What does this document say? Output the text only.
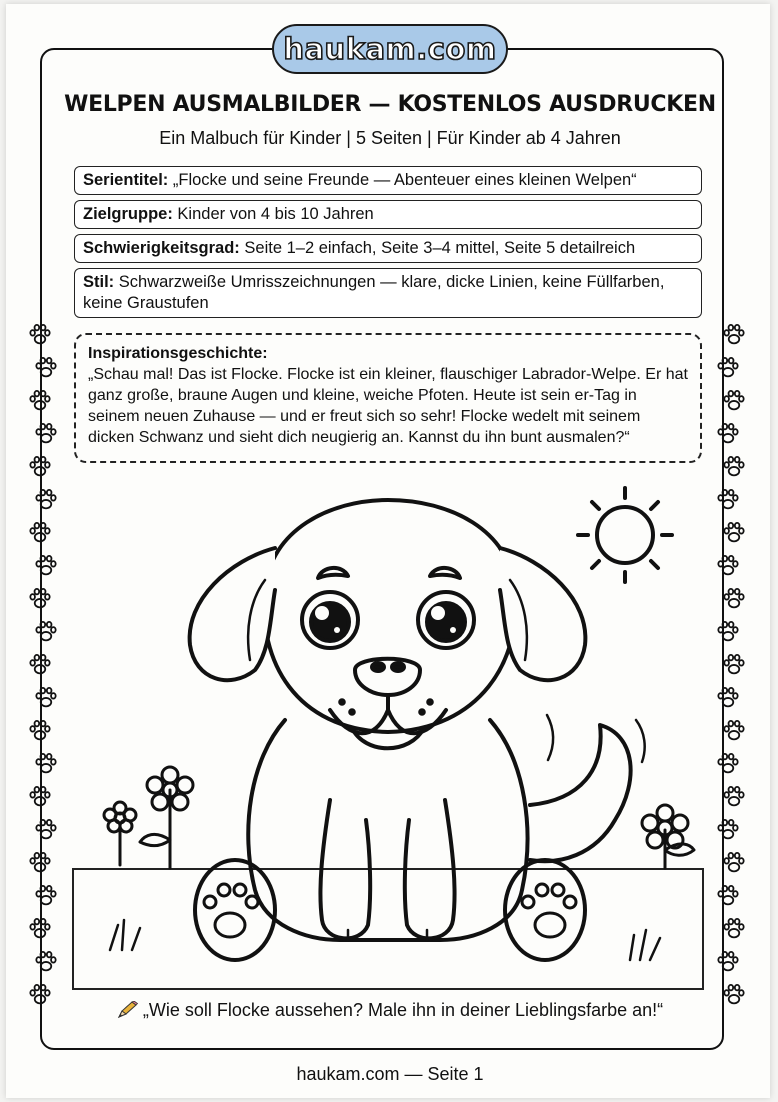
haukam.com
WELPEN AUSMALBILDER — KOSTENLOS AUSDRUCKEN
Ein Malbuch für Kinder | 5 Seiten | Für Kinder ab 4 Jahren
Serientitel: „Flocke und seine Freunde — Abenteuer eines kleinen Welpen“
Zielgruppe: Kinder von 4 bis 10 Jahren
Schwierigkeitsgrad: Seite 1–2 einfach, Seite 3–4 mittel, Seite 5 detailreich
Stil: Schwarzweiße Umrisszeichnungen — klare, dicke Linien, keine Füllfarben, keine Graustufen
Inspirationsgeschichte:
„Schau mal! Das ist Flocke. Flocke ist ein kleiner, flauschiger Labrador-Welpe. Er hat ganz große, braune Augen und kleine, weiche Pfoten. Heute ist sein er-Tag in seinem neuen Zuhause — und er freut sich so sehr! Flocke wedelt mit seinem dicken Schwanz und sieht dich neugierig an. Kannst du ihn bunt ausmalen?“
„Wie soll Flocke aussehen? Male ihn in deiner Lieblingsfarbe an!“
haukam.com — Seite 1
